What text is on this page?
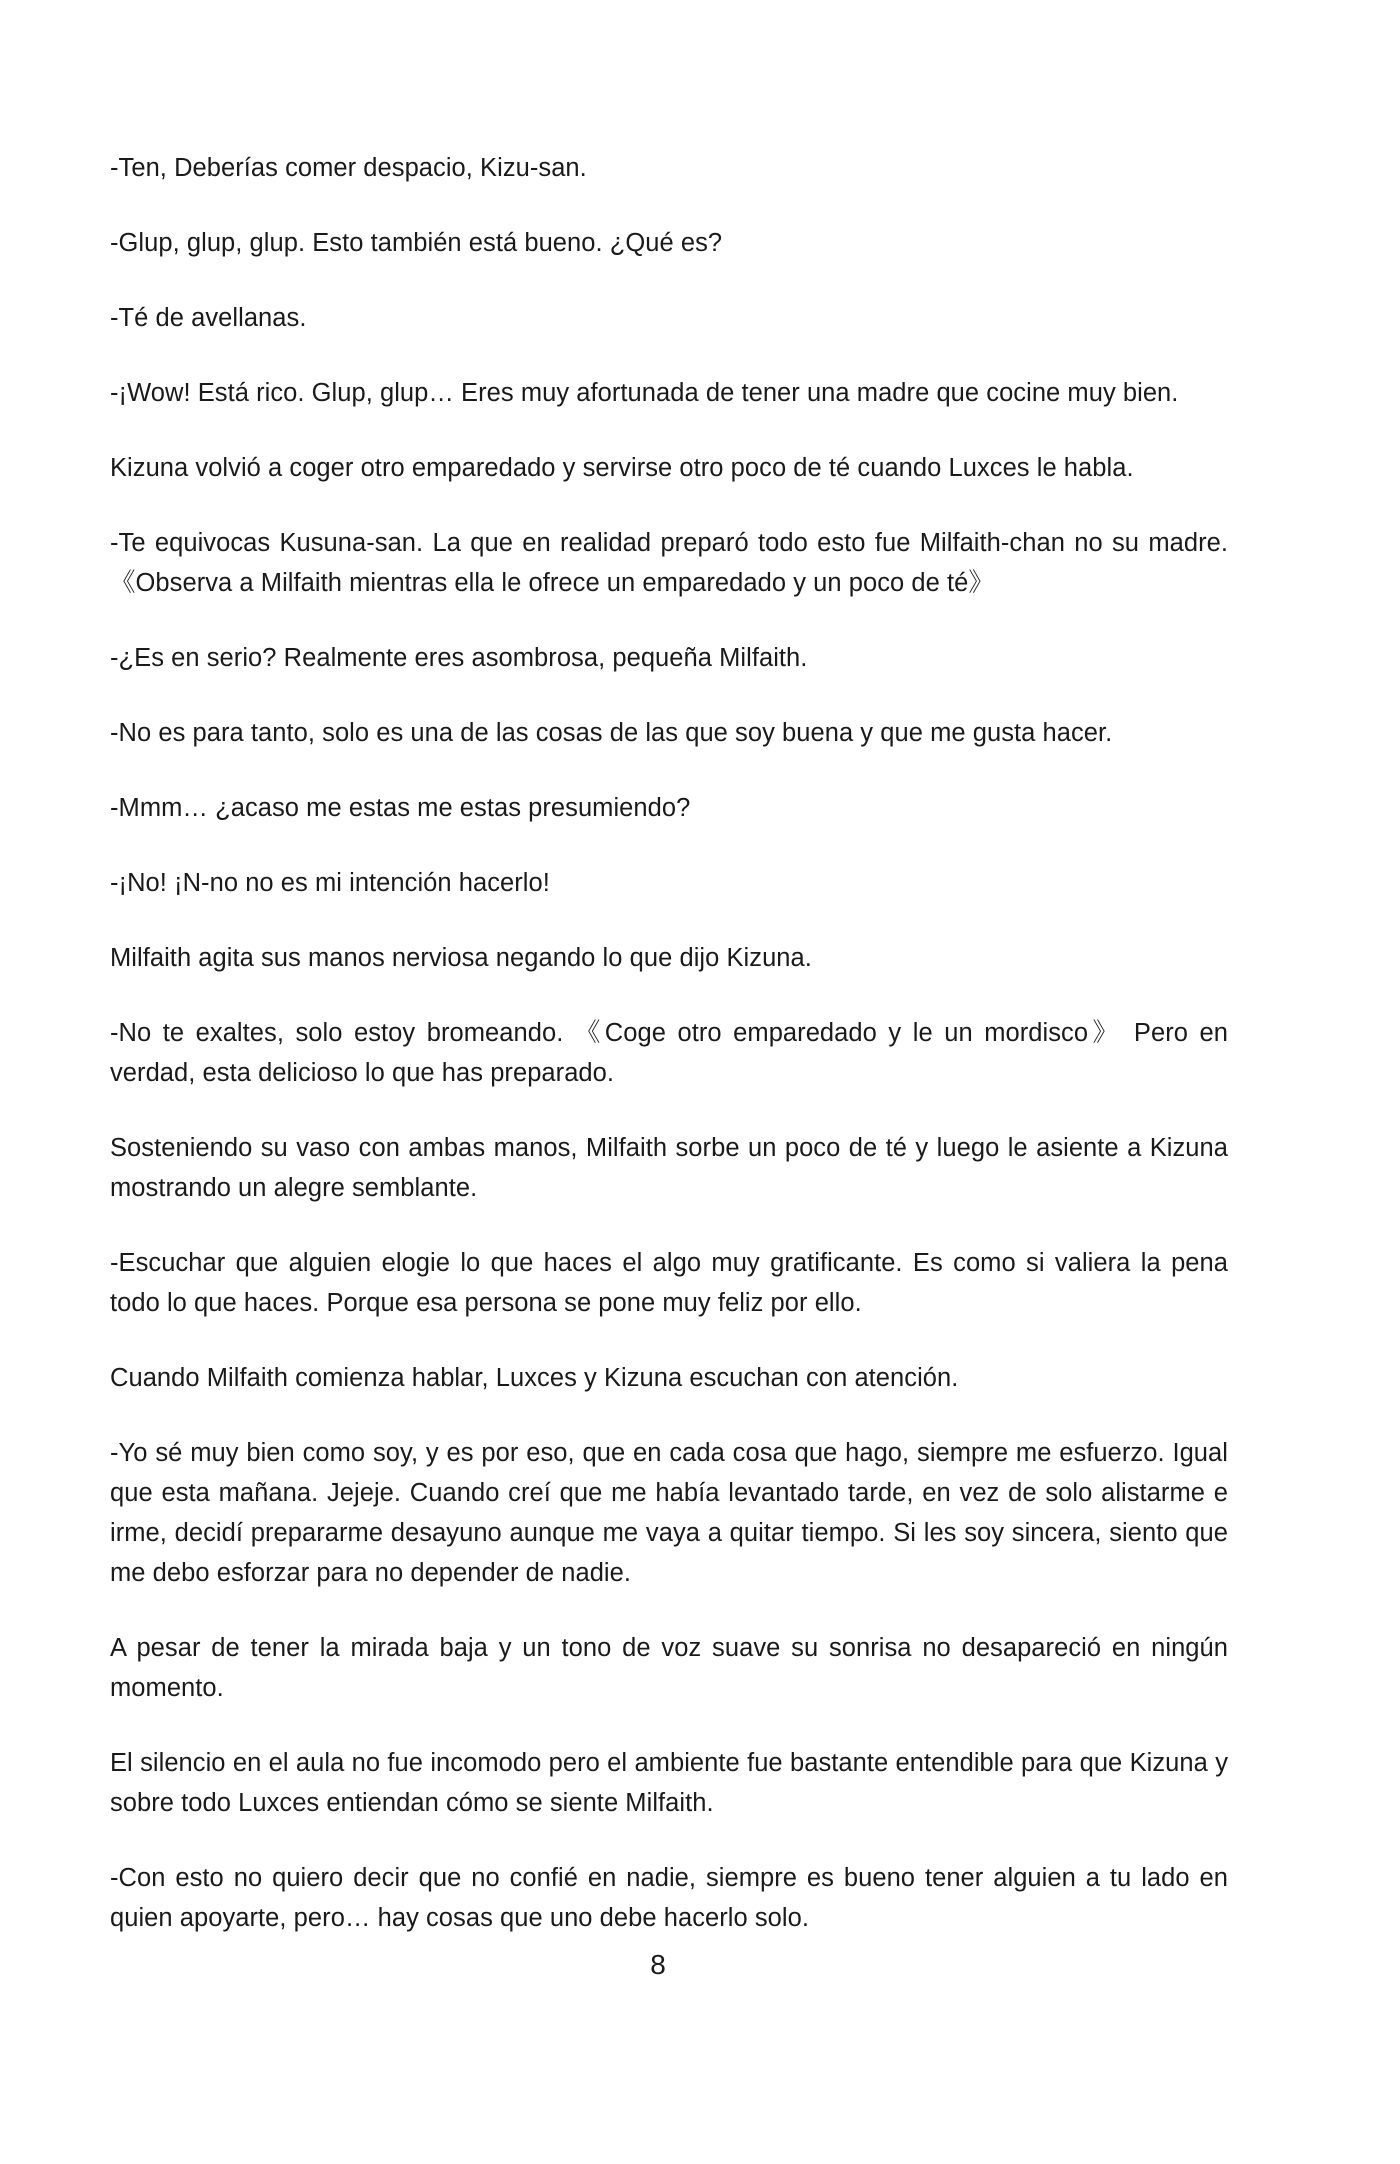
-Ten, Deberías comer despacio, Kizu-san.

-Glup, glup, glup. Esto también está bueno. ¿Qué es?

-Té de avellanas.

-¡Wow! Está rico. Glup, glup… Eres muy afortunada de tener una madre que cocine muy bien.

Kizuna volvió a coger otro emparedado y servirse otro poco de té cuando Luxces le habla.

-Te equivocas Kusuna-san. La que en realidad preparó todo esto fue Milfaith-chan no su madre. 《Observa a Milfaith mientras ella le ofrece un emparedado y un poco de té》

-¿Es en serio? Realmente eres asombrosa, pequeña Milfaith.

-No es para tanto, solo es una de las cosas de las que soy buena y que me gusta hacer.

-Mmm… ¿acaso me estas me estas presumiendo?

-¡No! ¡N-no no es mi intención hacerlo!

Milfaith agita sus manos nerviosa negando lo que dijo Kizuna.

-No te exaltes, solo estoy bromeando. 《Coge otro emparedado y le un mordisco》 Pero en verdad, esta delicioso lo que has preparado.

Sosteniendo su vaso con ambas manos, Milfaith sorbe un poco de té y luego le asiente a Kizuna mostrando un alegre semblante.

-Escuchar que alguien elogie lo que haces el algo muy gratificante. Es como si valiera la pena todo lo que haces. Porque esa persona se pone muy feliz por ello.

Cuando Milfaith comienza hablar, Luxces y Kizuna escuchan con atención.

-Yo sé muy bien como soy, y es por eso, que en cada cosa que hago, siempre me esfuerzo. Igual que esta mañana. Jejeje. Cuando creí que me había levantado tarde, en vez de solo alistarme e irme, decidí prepararme desayuno aunque me vaya a quitar tiempo. Si les soy sincera, siento que me debo esforzar para no depender de nadie.

A pesar de tener la mirada baja y un tono de voz suave su sonrisa no desapareció en ningún momento.

El silencio en el aula no fue incomodo pero el ambiente fue bastante entendible para que Kizuna y sobre todo Luxces entiendan cómo se siente Milfaith.

-Con esto no quiero decir que no confié en nadie, siempre es bueno tener alguien a tu lado en quien apoyarte, pero… hay cosas que uno debe hacerlo solo.

8
